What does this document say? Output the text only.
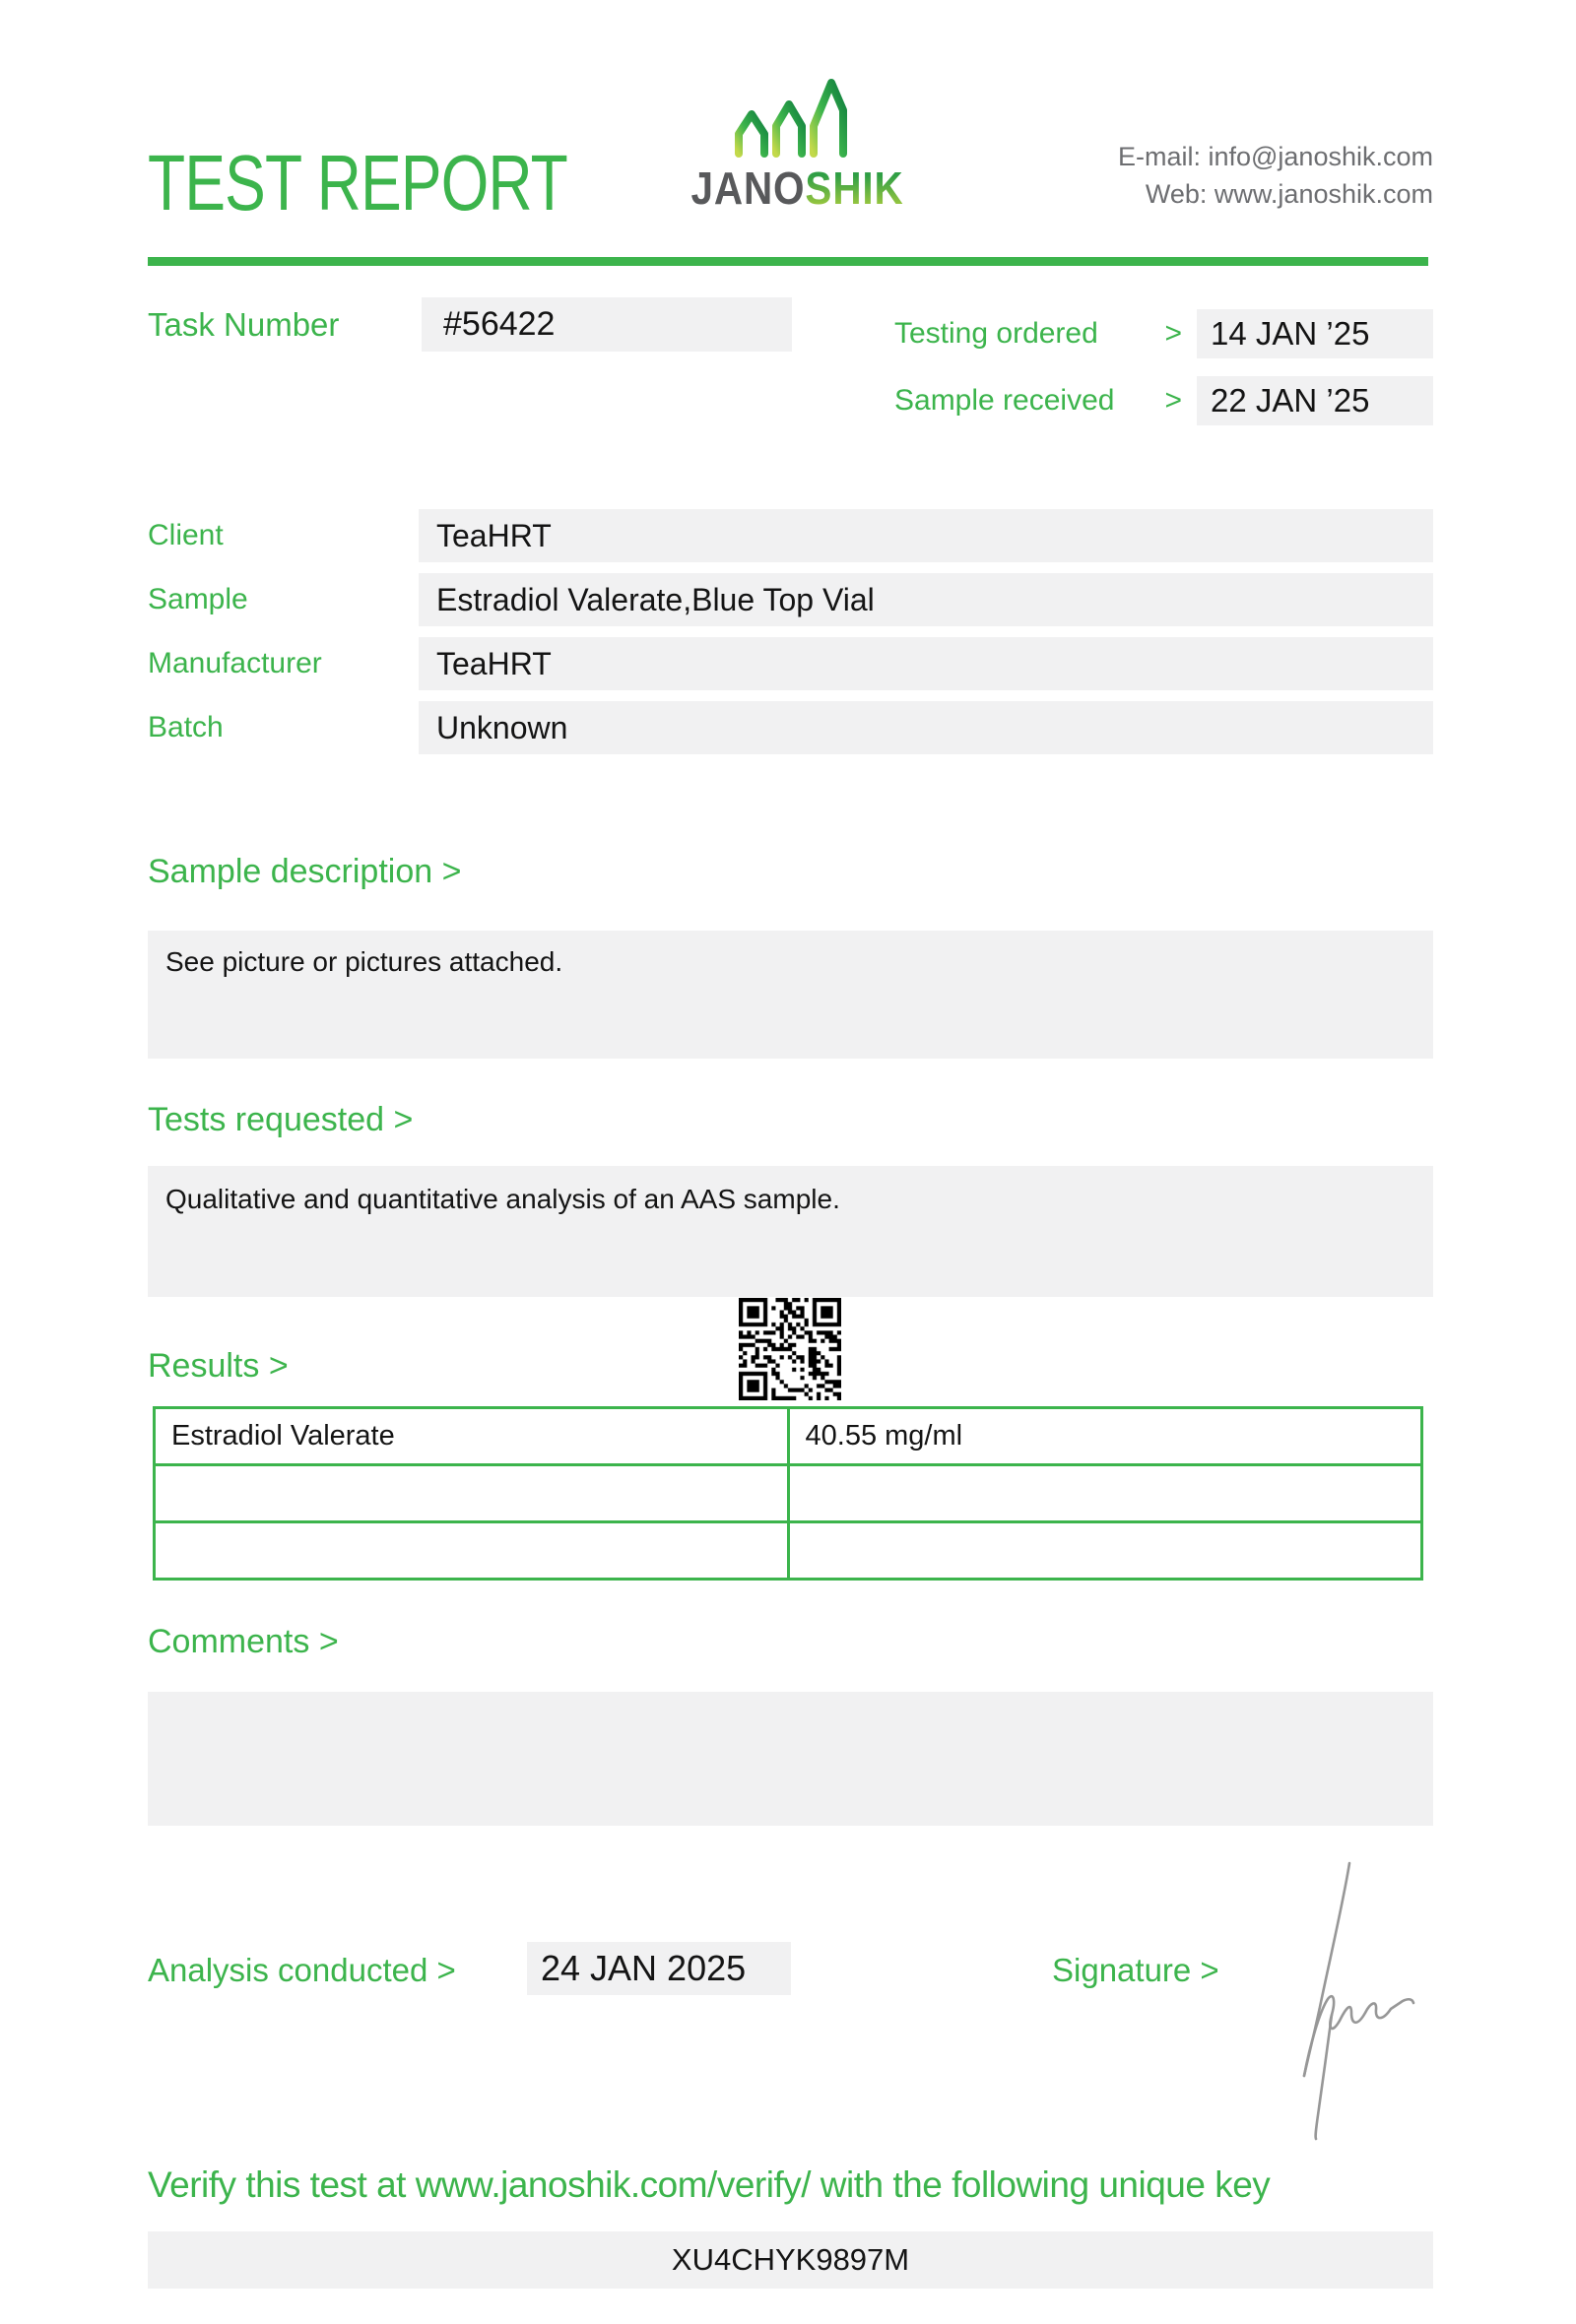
TEST REPORT	JANOSHIK
E-mail: info@janoshik.com
Web: www.janoshik.com
Task Number	#56422	Testing ordered > 14 JAN ’25
Sample received > 22 JAN ’25
Client	TeaHRT
Sample	Estradiol Valerate,Blue Top Vial
Manufacturer	TeaHRT
Batch	Unknown
Sample description >
See picture or pictures attached.
Tests requested >
Qualitative and quantitative analysis of an AAS sample.
Results >
Estradiol Valerate	40.55 mg/ml

Comments >
Analysis conducted >	24 JAN 2025	Signature >
Verify this test at www.janoshik.com/verify/ with the following unique key
XU4CHYK9897M
